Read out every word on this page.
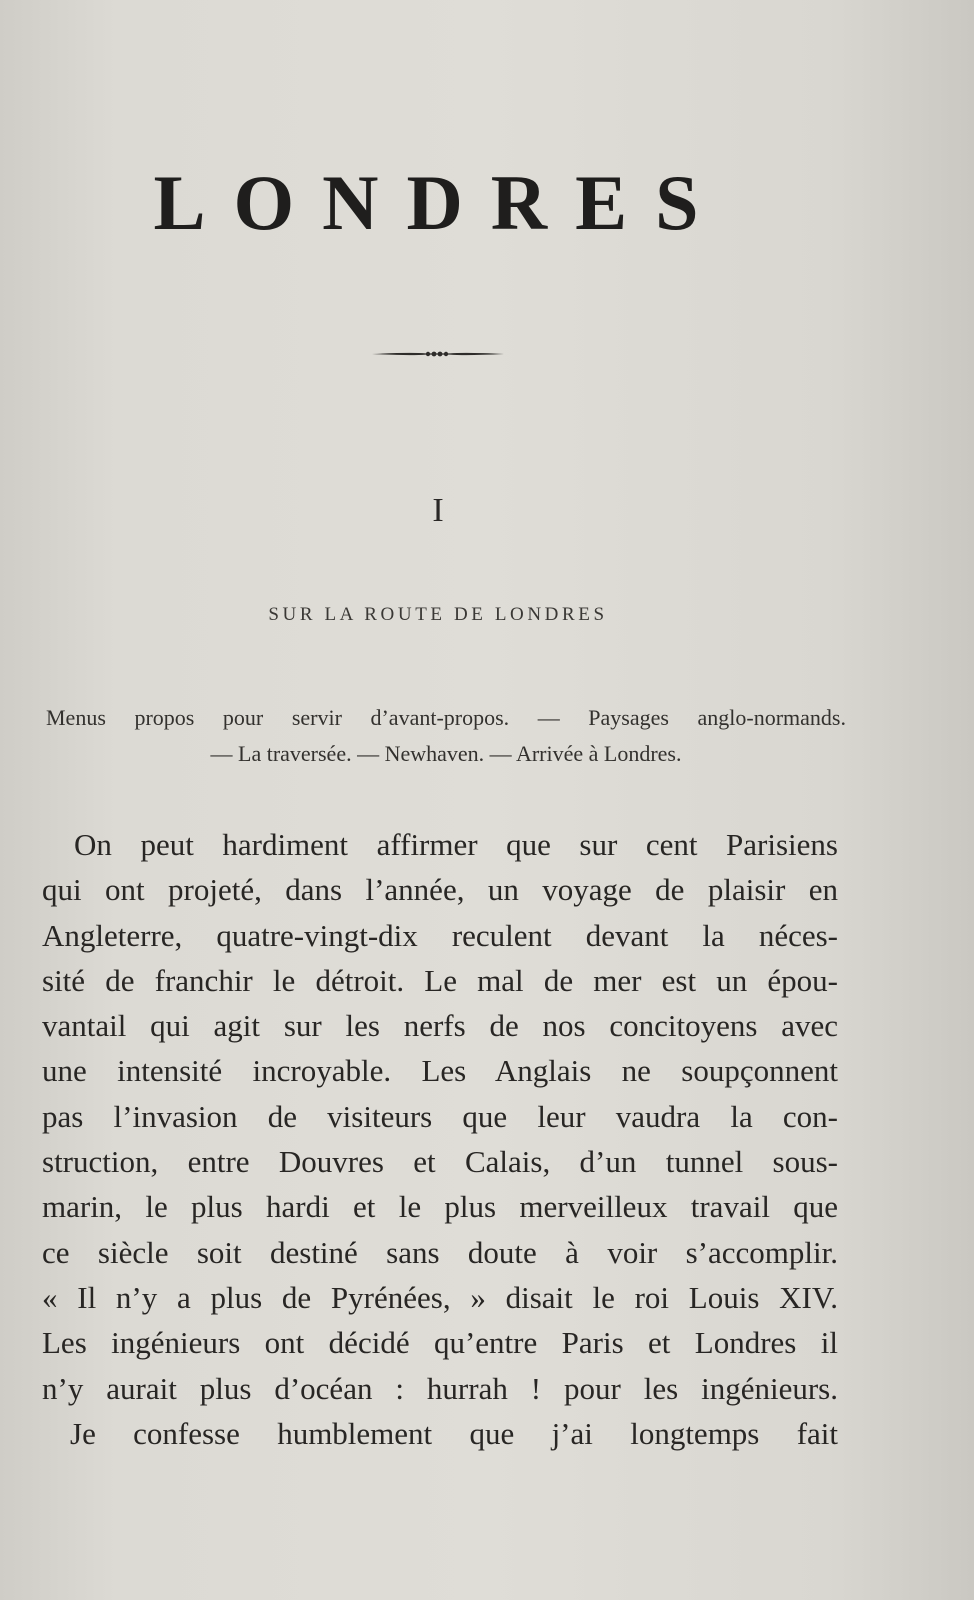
LONDRES
I
SUR LA ROUTE DE LONDRES
Menus propos pour servir d’avant-propos. — Paysages anglo-normands.
— La traversée. — Newhaven. — Arrivée à Londres.
On peut hardiment affirmer que sur cent Parisiens
qui ont projeté, dans l’année, un voyage de plaisir en
Angleterre, quatre-vingt-dix reculent devant la néces-
sité de franchir le détroit. Le mal de mer est un épou-
vantail qui agit sur les nerfs de nos concitoyens avec
une intensité incroyable. Les Anglais ne soupçonnent
pas l’invasion de visiteurs que leur vaudra la con-
struction, entre Douvres et Calais, d’un tunnel sous-
marin, le plus hardi et le plus merveilleux travail que
ce siècle soit destiné sans doute à voir s’accomplir.
« Il n’y a plus de Pyrénées, » disait le roi Louis XIV.
Les ingénieurs ont décidé qu’entre Paris et Londres il
n’y aurait plus d’océan : hurrah ! pour les ingénieurs.
Je confesse humblement que j’ai longtemps fait
